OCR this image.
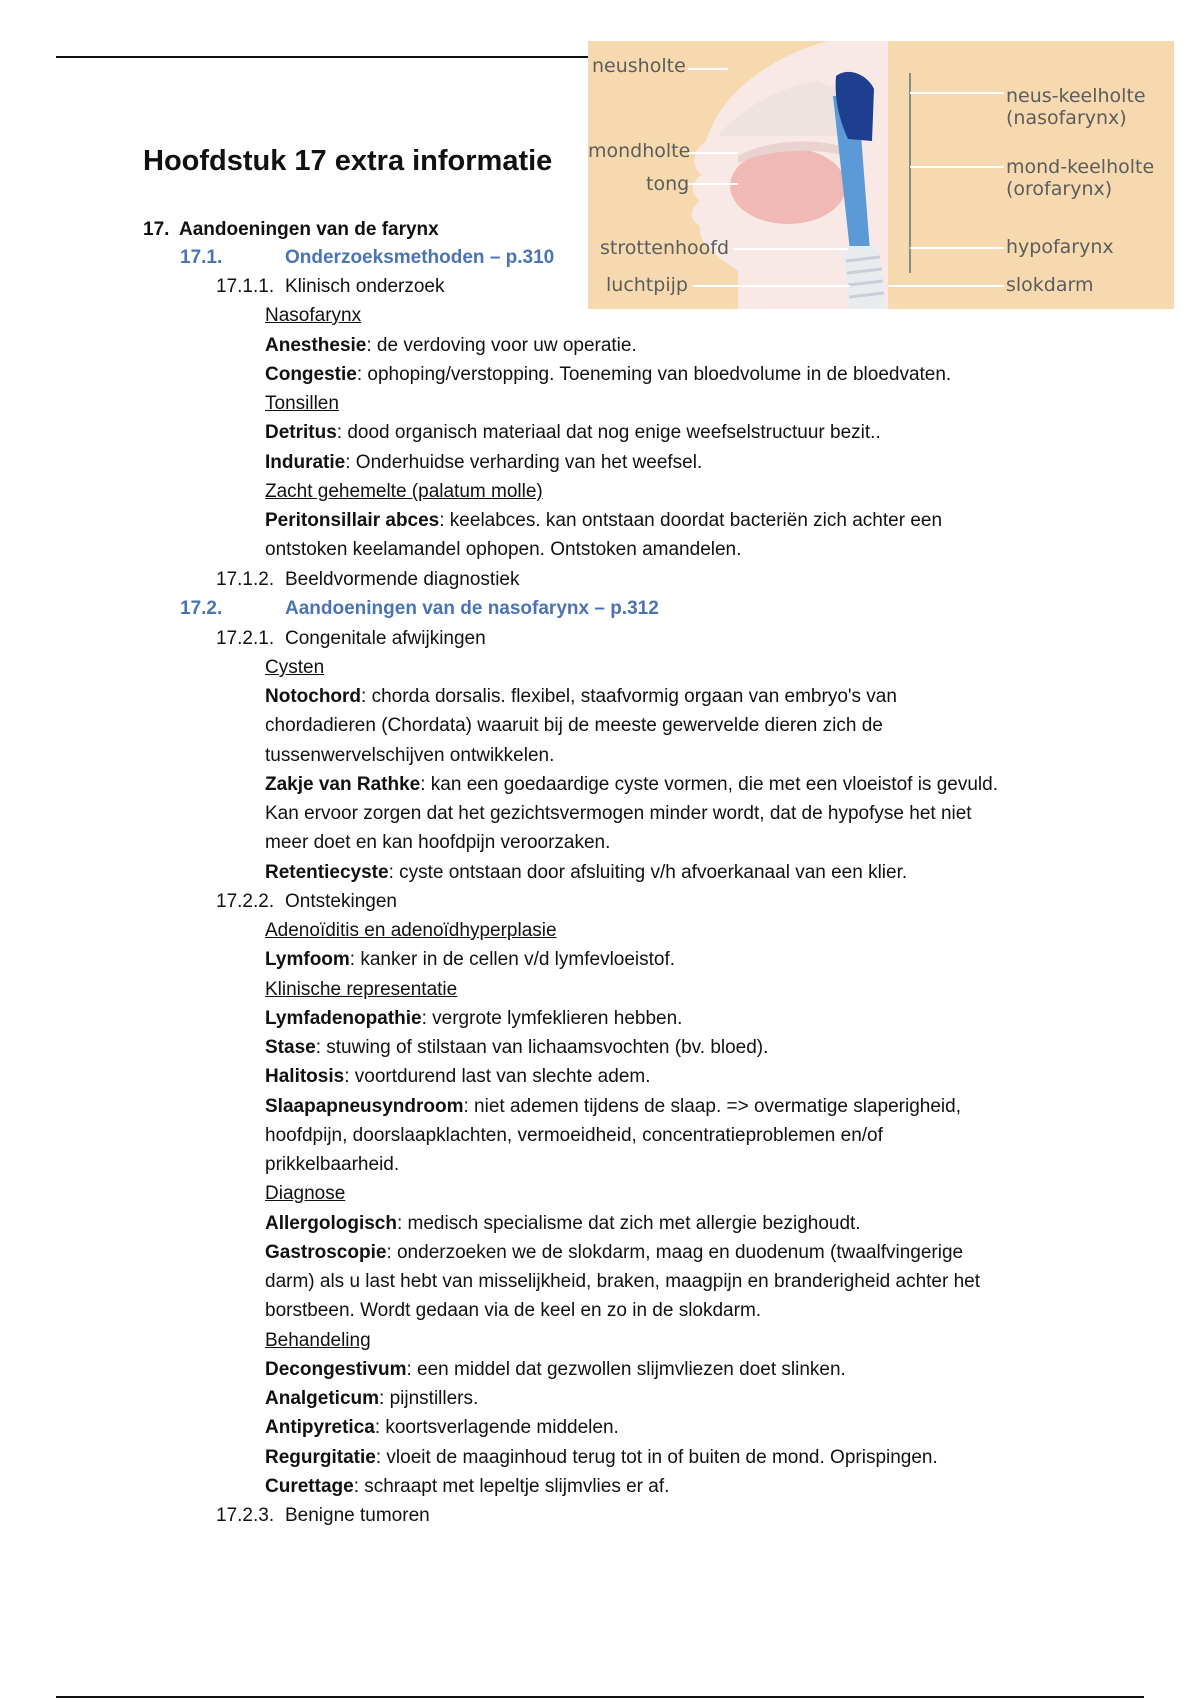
neusholte
mondholte
tong
strottenhoofd
luchtpijp
neus-keelholte
(nasofarynx)
mond-keelholte
(orofarynx)
hypofarynx
slokdarm
Hoofdstuk 17 extra informatie
17. Aandoeningen van de farynx
17.1.	Onderzoeksmethoden – p.310
17.1.1. Klinisch onderzoek
Nasofarynx
Anesthesie: de verdoving voor uw operatie.
Congestie: ophoping/verstopping. Toeneming van bloedvolume in de bloedvaten.
Tonsillen
Detritus: dood organisch materiaal dat nog enige weefselstructuur bezit..
Induratie: Onderhuidse verharding van het weefsel.
Zacht gehemelte (palatum molle)
Peritonsillair abces: keelabces. kan ontstaan doordat bacteriën zich achter een
ontstoken keelamandel ophopen. Ontstoken amandelen.
17.1.2. Beeldvormende diagnostiek
17.2.	Aandoeningen van de nasofarynx – p.312
17.2.1. Congenitale afwijkingen
Cysten
Notochord: chorda dorsalis. flexibel, staafvormig orgaan van embryo's van
chordadieren (Chordata) waaruit bij de meeste gewervelde dieren zich de
tussenwervelschijven ontwikkelen.
Zakje van Rathke: kan een goedaardige cyste vormen, die met een vloeistof is gevuld.
Kan ervoor zorgen dat het gezichtsvermogen minder wordt, dat de hypofyse het niet
meer doet en kan hoofdpijn veroorzaken.
Retentiecyste: cyste ontstaan door afsluiting v/h afvoerkanaal van een klier.
17.2.2. Ontstekingen
Adenoïditis en adenoïdhyperplasie
Lymfoom: kanker in de cellen v/d lymfevloeistof.
Klinische representatie
Lymfadenopathie: vergrote lymfeklieren hebben.
Stase: stuwing of stilstaan van lichaamsvochten (bv. bloed).
Halitosis: voortdurend last van slechte adem.
Slaapapneusyndroom: niet ademen tijdens de slaap. => overmatige slaperigheid,
hoofdpijn, doorslaapklachten, vermoeidheid, concentratieproblemen en/of
prikkelbaarheid.
Diagnose
Allergologisch: medisch specialisme dat zich met allergie bezighoudt.
Gastroscopie: onderzoeken we de slokdarm, maag en duodenum (twaalfvingerige
darm) als u last hebt van misselijkheid, braken, maagpijn en branderigheid achter het
borstbeen. Wordt gedaan via de keel en zo in de slokdarm.
Behandeling
Decongestivum: een middel dat gezwollen slijmvliezen doet slinken.
Analgeticum: pijnstillers.
Antipyretica: koortsverlagende middelen.
Regurgitatie: vloeit de maaginhoud terug tot in of buiten de mond. Oprispingen.
Curettage: schraapt met lepeltje slijmvlies er af.
17.2.3. Benigne tumoren
